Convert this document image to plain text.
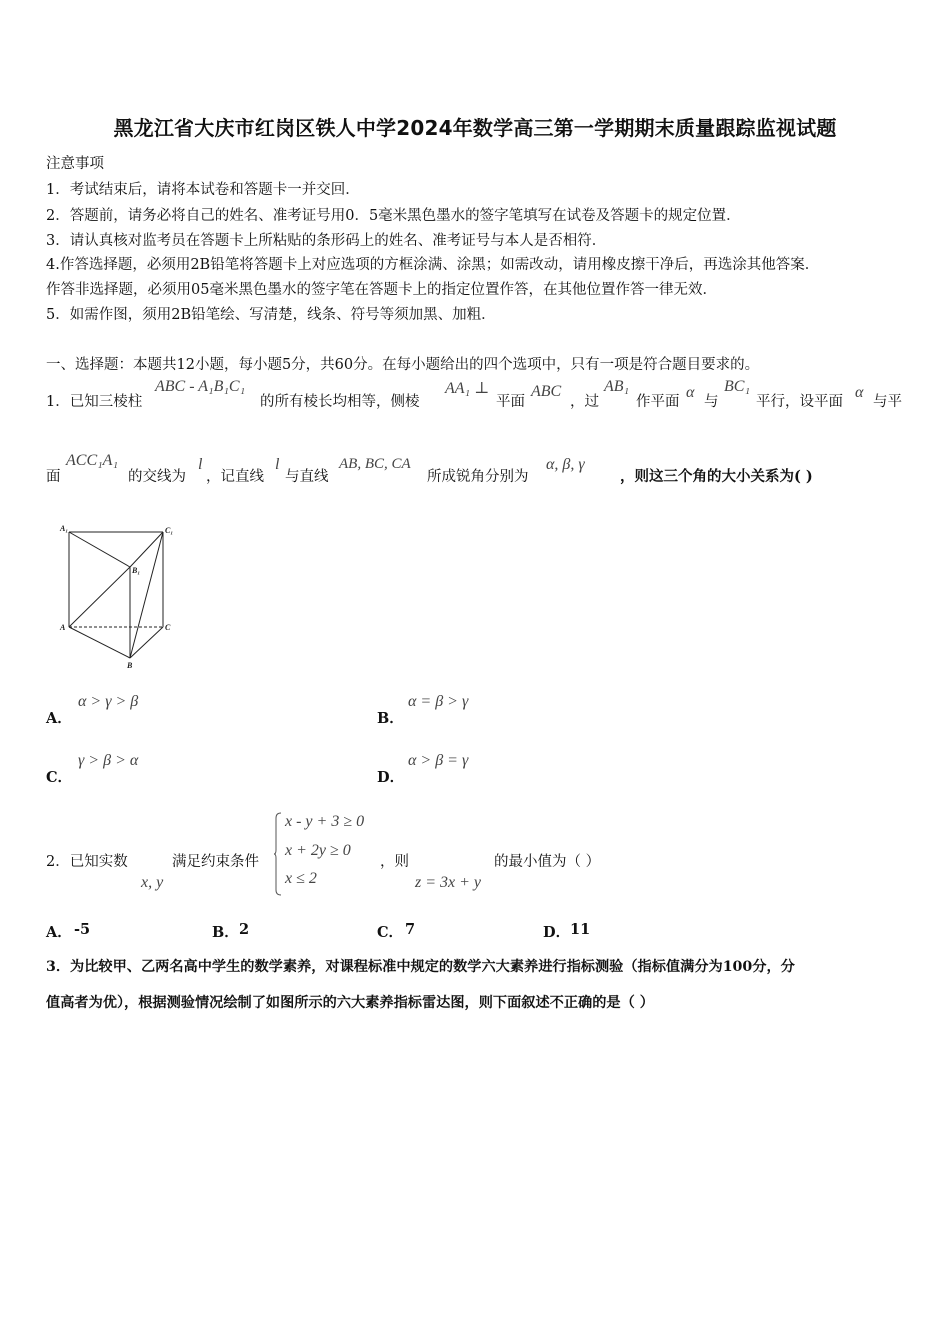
黑龙江省大庆市红岗区铁人中学2024年数学高三第一学期期末质量跟踪监视试题
注意事项
1．考试结束后，请将本试卷和答题卡一并交回．
2．答题前，请务必将自己的姓名、准考证号用0．5毫米黑色墨水的签字笔填写在试卷及答题卡的规定位置．
3．请认真核对监考员在答题卡上所粘贴的条形码上的姓名、准考证号与本人是否相符．
4.作答选择题，必须用2B铅笔将答题卡上对应选项的方框涂满、涂黑；如需改动，请用橡皮擦干净后，再选涂其他答案．
作答非选择题，必须用05毫米黑色墨水的签字笔在答题卡上的指定位置作答，在其他位置作答一律无效．
5．如需作图，须用2B铅笔绘、写清楚，线条、符号等须加黑、加粗．
一、选择题：本题共12小题，每小题5分，共60分。在每小题给出的四个选项中，只有一项是符合题目要求的。
1．已知三棱柱
ABC - A₁B₁C₁
的所有棱长均相等，侧棱
AA₁ ⊥
平面
ABC
，过
AB₁
作平面
α
与
BC₁
平行，设平面
α
与平
面
ACC₁A₁
的交线为
l
，记直线
l
与直线
AB, BC, CA
所成锐角分别为
α, β, γ
，则这三个角的大小关系为( )
A₁	C₁
B₁
A	C
B
A．
α > γ > β
B．
α = β > γ
C．
γ > β > α
D．
α > β = γ
2．已知实数
x, y
满足约束条件
x - y + 3 ≥ 0
x + 2y ≥ 0
x ≤ 2
，则
z = 3x + y
的最小值为（ ）
A． -5	B． 2	C． 7	D． 11
3．为比较甲、乙两名高中学生的数学素养，对课程标准中规定的数学六大素养进行指标测验（指标值满分为100分，分
值高者为优），根据测验情况绘制了如图所示的六大素养指标雷达图，则下面叙述不正确的是（ ）
